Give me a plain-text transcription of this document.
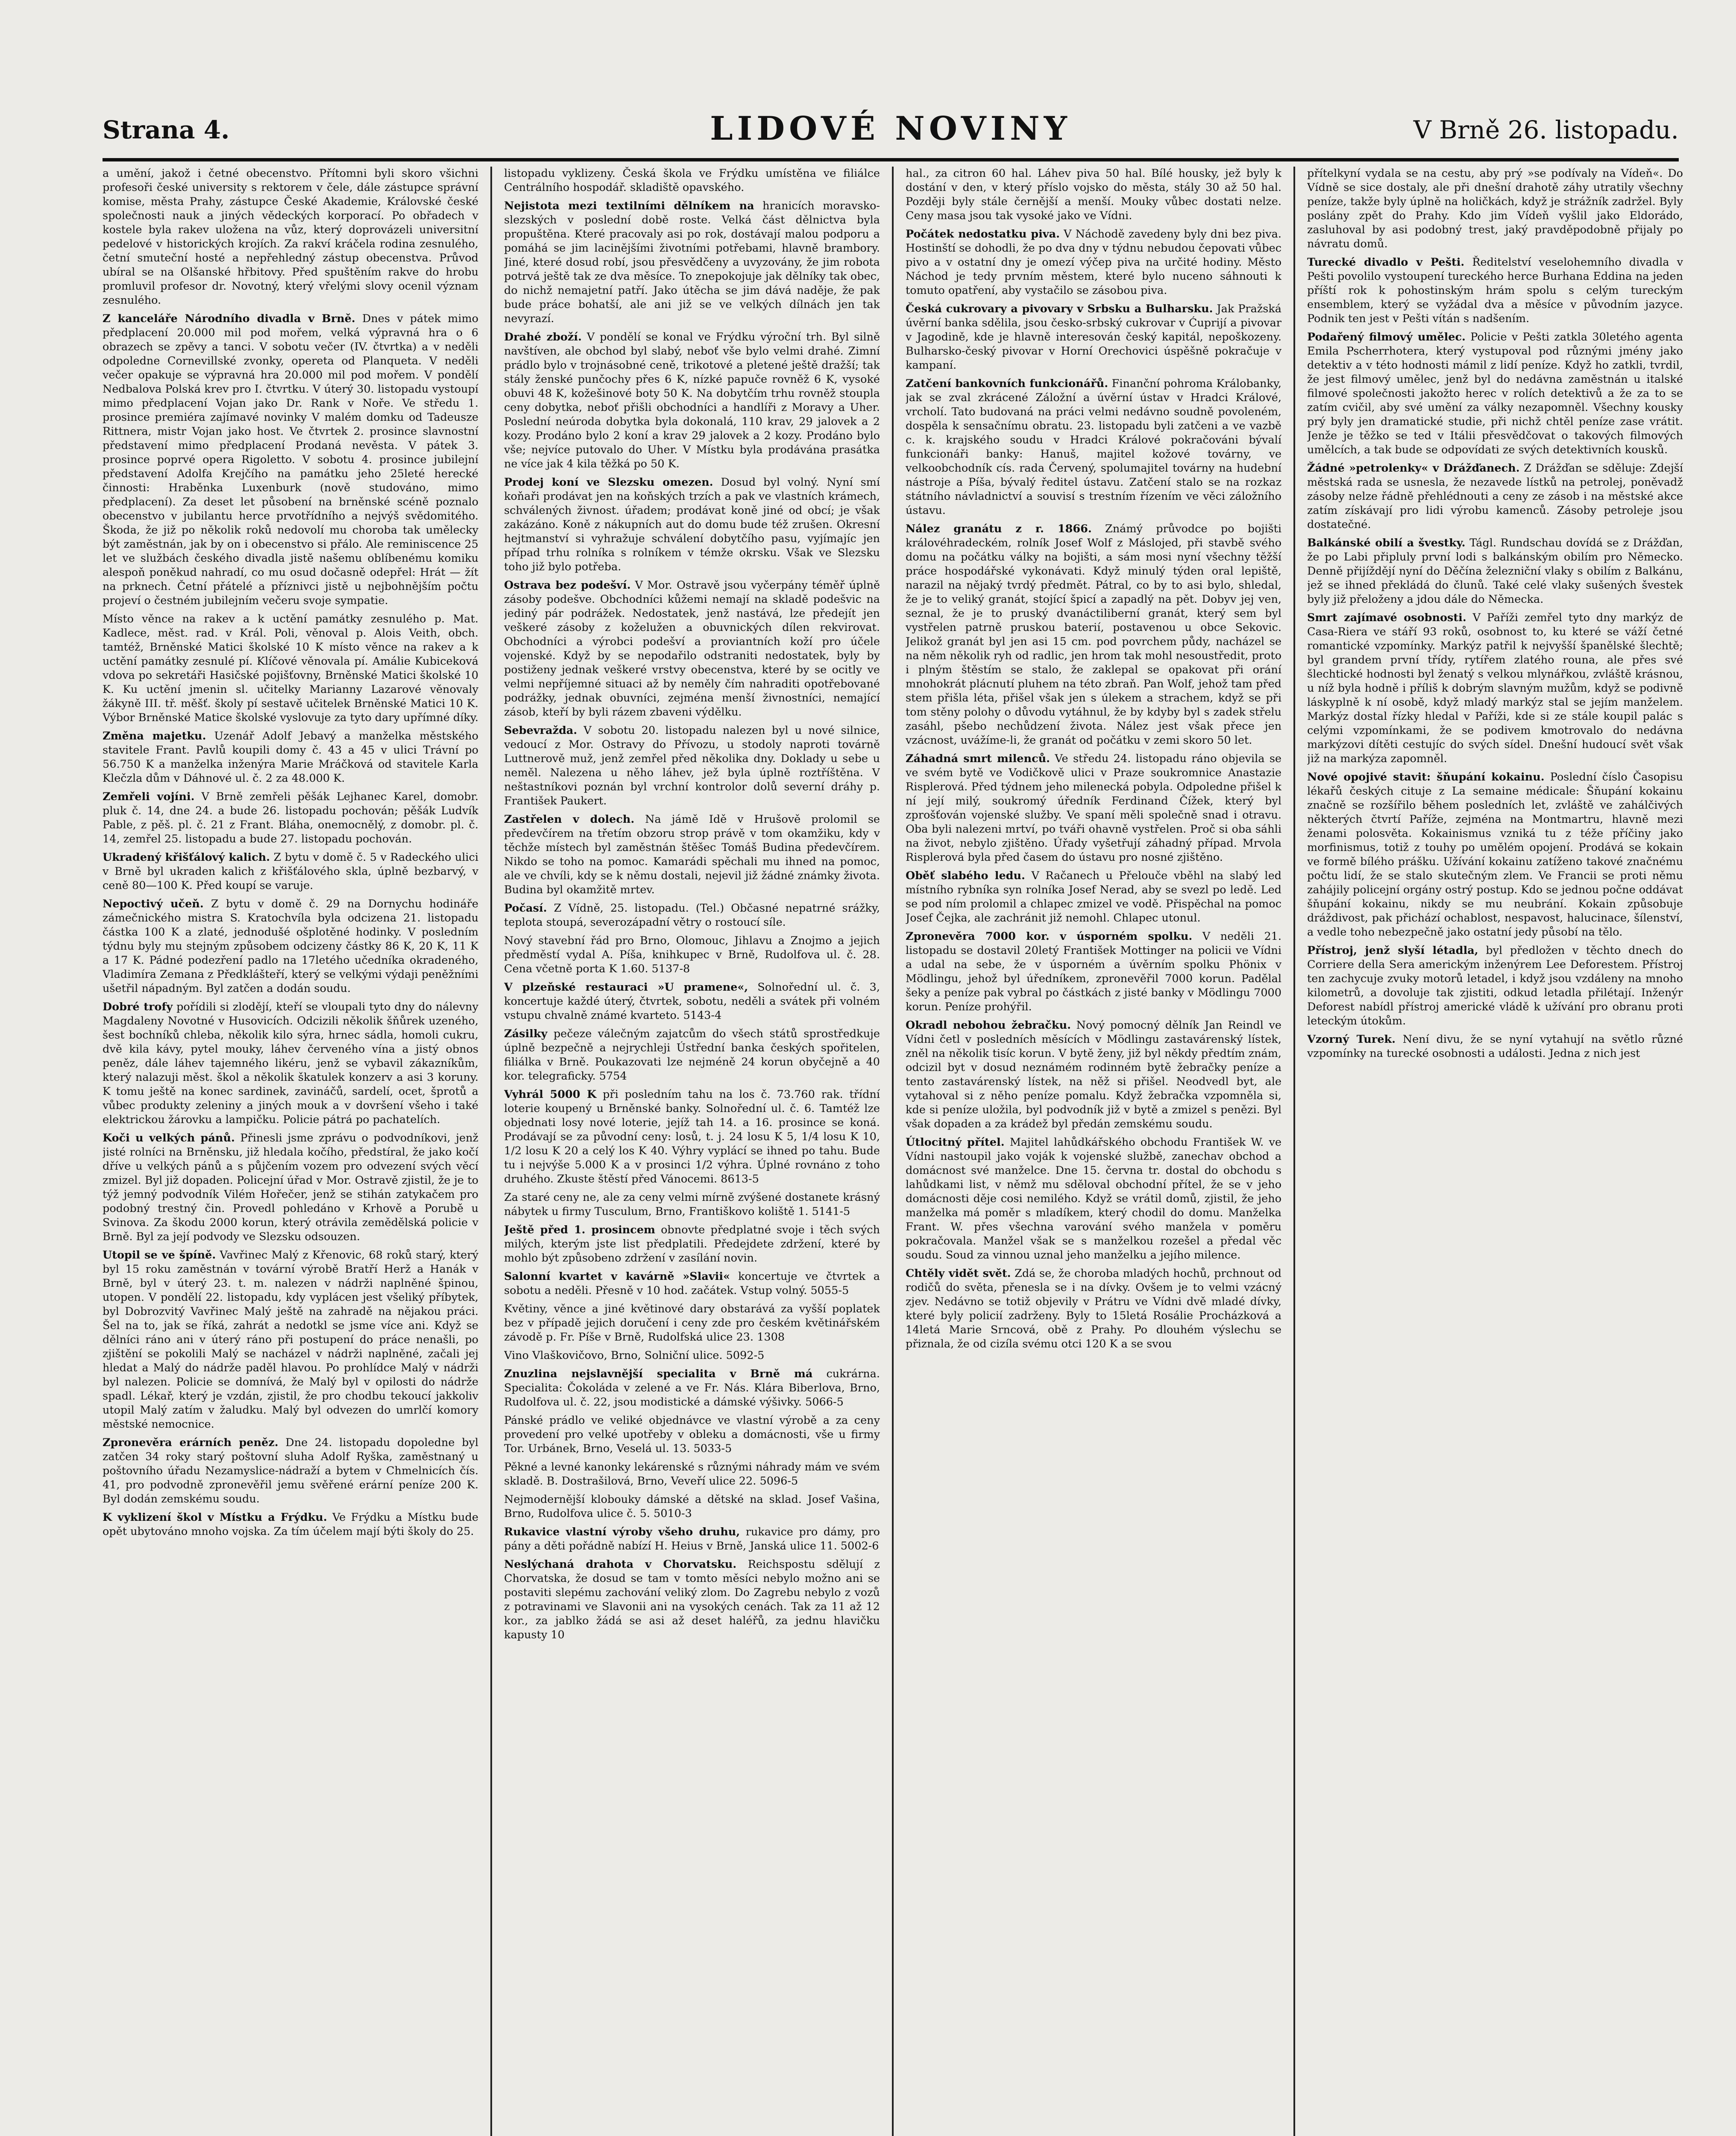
Strana 4.	LIDOVÉ NOVINY	V Brně 26. listopadu.

a umění, jakož i četné obecenstvo. Přítomni byli skoro všichni profesoři české university s rektorem v čele, dále zástupce správní komise, města Prahy, zástupce České Akademie, Královské české společnosti nauk a jiných vědeckých korporací. Po obřadech v kostele byla rakev uložena na vůz, který doprovázeli universitní pedelové v historických krojích. Za rakví kráčela rodina zesnulého, četní smuteční hosté a nepřehledný zástup obecenstva. Průvod ubíral se na Olšanské hřbitovy. Před spuštěním rakve do hrobu promluvil profesor dr. Novotný, který vřelými slovy ocenil význam zesnulého.

Z kanceláře Národního divadla v Brně. Dnes v pátek mimo předplacení 20.000 mil pod mořem, velká výpravná hra o 6 obrazech se zpěvy a tanci. V sobotu večer (IV. čtvrtka) a v neděli odpoledne Cornevillské zvonky, opereta od Planqueta. V neděli večer opakuje se výpravná hra 20.000 mil pod mořem. V pondělí Nedbalova Polská krev pro I. čtvrtku. V úterý 30. listopadu vystoupí mimo předplacení Vojan jako Dr. Rank v Noře. Ve středu 1. prosince premiéra zajímavé novinky V malém domku od Tadeusze Rittnera, mistr Vojan jako host. Ve čtvrtek 2. prosince slavnostní představení mimo předplacení Prodaná nevěsta. V pátek 3. prosince poprvé opera Rigoletto. V sobotu 4. prosince jubilejní představení Adolfa Krejčího na památku jeho 25leté herecké činnosti: Hraběnka Luxenburk (nově studováno, mimo předplacení). Za deset let působení na brněnské scéně poznalo obecenstvo v jubilantu herce prvotřídního a nejvýš svědomitého. Škoda, že již po několik roků nedovolí mu choroba tak umělecky být zaměstnán, jak by on i obecenstvo si přálo. Ale reminiscence 25 let ve službách českého divadla jistě našemu oblíbenému komiku alespoň poněkud nahradí, co mu osud dočasně odepřel: Hrát — žít na prknech. Četní přátelé a příznivci jistě u nejbohnějším počtu projeví o čestném jubilejním večeru svoje sympatie.

Místo věnce na rakev a k uctění památky zesnulého p. Mat. Kadlece, měst. rad. v Král. Poli, věnoval p. Alois Veith, obch. tamtéž, Brněnské Matici školské 10 K místo věnce na rakev a k uctění památky zesnulé pí. Klíčové věnovala pí. Amálie Kubiceková vdova po sekretáři Hasičské pojišťovny, Brněnské Matici školské 10 K. Ku uctění jmenin sl. učitelky Marianny Lazarové věnovaly žákyně III. tř. měšť. školy pí sestavě učitelek Brněnské Matici 10 K. Výbor Brněnské Matice školské vyslovuje za tyto dary upřímné díky.

Změna majetku. Uzenář Adolf Jebavý a manželka městského stavitele Frant. Pavlů koupili domy č. 43 a 45 v ulici Trávní po 56.750 K a manželka inženýra Marie Mráčková od stavitele Karla Klečzla dům v Dáhnové ul. č. 2 za 48.000 K.

Zemřeli vojíni. V Brně zemřeli pěšák Lejhanec Karel, domobr. pluk č. 14, dne 24. a bude 26. listopadu pochován; pěšák Ludvík Pable, z pěš. pl. č. 21 z Frant. Bláha, onemocnělý, z domobr. pl. č. 14, zemřel 25. listopadu a bude 27. listopadu pochován.

Ukradený křišťálový kalich. Z bytu v domě č. 5 v Radeckého ulici v Brně byl ukraden kalich z křišťálového skla, úplně bezbarvý, v ceně 80—100 K. Před koupí se varuje.

Nepoctivý učeň. Z bytu v domě č. 29 na Dornychu hodináře zámečnického mistra S. Kratochvíla byla odcizena 21. listopadu částka 100 K a zlaté, jednodušé ošplotěné hodinky. V posledním týdnu byly mu stejným způsobem odcizeny částky 86 K, 20 K, 11 K a 17 K. Pádné podezření padlo na 17letého učedníka okradeného, Vladimíra Zemana z Předklášteří, který se velkými výdaji peněžními ušetřil nápadným. Byl zatčen a dodán soudu.

Dobré trofy pořídili si zlodějí, kteří se vloupali tyto dny do nálevny Magdaleny Novotné v Husovicích. Odcizili několik šňůrek uzeného, šest bochníků chleba, několik kilo sýra, hrnec sádla, homoli cukru, dvě kila kávy, pytel mouky, láhev červeného vína a jistý obnos peněz, dále láhev tajemného likéru, jenž se vybavil zákazníkům, který nalazuji měst. škol a několik škatulek konzerv a asi 3 koruny. K tomu ještě na konec sardinek, zavináčů, sardelí, ocet, šprotů a vůbec produkty zeleniny a jiných mouk a v dovršení všeho i také elektrickou žárovku a lampičku. Policie pátrá po pachatelích.

Koči u velkých pánů. Přinesli jsme zprávu o podvodníkovi, jenž jisté rolníci na Brněnsku, již hledala kočího, předstíral, že jako kočí dříve u velkých pánů a s půjčením vozem pro odvezení svých věcí zmizel. Byl již dopaden. Policejní úřad v Mor. Ostravě zjistil, že je to týž jemný podvodník Vilém Hořečer, jenž se stihán zatykačem pro podobný trestný čin. Provedl pohledáno v Krhově a Porubě u Svinova. Za škodu 2000 korun, který otrávila zemědělská policie v Brně. Byl za její podvody ve Slezsku odsouzen.

Utopil se ve špíně. Vavřinec Malý z Křenovic, 68 roků starý, který byl 15 roku zaměstnán v tovární výrobě Bratří Herž a Hanák v Brně, byl v úterý 23. t. m. nalezen v nádrži naplněné špinou, utopen. V pondělí 22. listopadu, kdy vyplácen jest všeliký příbytek, byl Dobrozvitý Vavřinec Malý ještě na zahradě na nějakou práci. Šel na to, jak se říká, zahrát a nedotkl se jsme více ani. Když se dělníci ráno ani v úterý ráno při postupení do práce nenašli, po zjištění se pokolili Malý se nacházel v nádrži naplněné, začali jej hledat a Malý do nádrže paděl hlavou. Po prohlídce Malý v nádrži byl nalezen. Policie se domnívá, že Malý byl v opilosti do nádrže spadl. Lékař, který je vzdán, zjistil, že pro chodbu tekoucí jakkoliv utopil Malý zatím v žaludku. Malý byl odvezen do umrlčí komory městské nemocnice.

Zpronevěra erárních peněz. Dne 24. listopadu dopoledne byl zatčen 34 roky starý poštovní sluha Adolf Ryška, zaměstnaný u poštovního úřadu Nezamyslice-nádraží a bytem v Chmelnicích čís. 41, pro podvodně zpronevěřil jemu svěřené erární peníze 200 K. Byl dodán zemskému soudu.

K vyklizení škol v Místku a Frýdku. Ve Frýdku a Místku bude opět ubytováno mnoho vojska. Za tím účelem mají býti školy do 25.

listopadu vyklizeny. Česká škola ve Frýdku umístěna ve filiálce Centrálního hospodář. skladiště opavského.

Nejistota mezi textilními dělníkem na hranicích moravsko-slezských v poslední době roste. Velká část dělnictva byla propuštěna. Které pracovaly asi po rok, dostávají malou podporu a pomáhá se jim lacinějšími životními potřebami, hlavně brambory. Jiné, které dosud robí, jsou přesvědčeny a uvyzovány, že jim robota potrvá ještě tak ze dva měsíce. To znepokojuje jak dělníky tak obec, do nichž nemajetní patří. Jako útěcha se jim dává naděje, že pak bude práce bohatší, ale ani již se ve velkých dílnách jen tak nevyrazí.

Drahé zboží. V pondělí se konal ve Frýdku výroční trh. Byl silně navštíven, ale obchod byl slabý, neboť vše bylo velmi drahé. Zimní prádlo bylo v trojnásobné ceně, trikotové a pletené ještě dražší; tak stály ženské punčochy přes 6 K, nízké papuče rovněž 6 K, vysoké obuvi 48 K, kožešinové boty 50 K. Na dobytčím trhu rovněž stoupla ceny dobytka, neboť přišli obchodníci a handlíři z Moravy a Uher. Poslední neúroda dobytka byla dokonalá, 110 krav, 29 jalovek a 2 kozy. Prodáno bylo 2 koní a krav 29 jalovek a 2 kozy. Prodáno bylo vše; nejvíce putovalo do Uher. V Místku byla prodávána prasátka ne více jak 4 kila těžká po 50 K.

Prodej koní ve Slezsku omezen. Dosud byl volný. Nyní smí koňaři prodávat jen na koňských trzích a pak ve vlastních krámech, schválených živnost. úřadem; prodávat koně jiné od obcí; je však zakázáno. Koně z nákupních aut do domu bude též zrušen. Okresní hejtmanství si vyhražuje schválení dobytčího pasu, vyjímajíc jen případ trhu rolníka s rolníkem v témže okrsku. Však ve Slezsku toho již bylo potřeba.

Ostrava bez podešví. V Mor. Ostravě jsou vyčerpány téměř úplně zásoby podešve. Obchodníci kůžemi nemají na skladě podešvic na jediný pár podrážek. Nedostatek, jenž nastává, lze předejít jen veškeré zásoby z koželužen a obuvnických dílen rekvirovat. Obchodníci a výrobci podešví a proviantních koží pro účele vojenské. Když by se nepodařilo odstraniti nedostatek, byly by postiženy jednak veškeré vrstvy obecenstva, které by se ocitly ve velmi nepříjemné situaci až by neměly čím nahraditi opotřebované podrážky, jednak obuvníci, zejména menší živnostníci, nemající zásob, kteří by byli rázem zbaveni výdělku.

Sebevražda. V sobotu 20. listopadu nalezen byl u nové silnice, vedoucí z Mor. Ostravy do Přívozu, u stodoly naproti továrně Luttnerově muž, jenž zemřel před několika dny. Doklady u sebe u neměl. Nalezena u něho láhev, jež byla úplně roztříštěna. V neštastníkovi poznán byl vrchní kontrolor dolů severní dráhy p. František Paukert.

Zastřelen v dolech. Na jámě Idě v Hrušově prolomil se předevčírem na třetím obzoru strop právě v tom okamžiku, kdy v těchže místech byl zaměstnán štěšec Tomáš Budina předevčírem. Nikdo se toho na pomoc. Kamarádi spěchali mu ihned na pomoc, ale ve chvíli, kdy se k němu dostali, nejevil již žádné známky života. Budina byl okamžitě mrtev.

Počasí. Z Vídně, 25. listopadu. (Tel.) Občasné nepatrné srážky, teplota stoupá, severozápadní větry o rostoucí síle.

Nový stavební řád pro Brno, Olomouc, Jihlavu a Znojmo a jejich předměstí vydal A. Píša, knihkupec v Brně, Rudolfova ul. č. 28. Cena včetně porta K 1.60. 5137-8

V plzeňské restauraci »U pramene«, Solnořední ul. č. 3, koncertuje každé úterý, čtvrtek, sobotu, neděli a svátek při volném vstupu chvalně známé kvarteto. 5143-4

Zásilky pečeze válečným zajatcům do všech států sprostředkuje úplně bezpečně a nejrychleji Ústřední banka českých spořitelen, filiálka v Brně. Poukazovati lze nejméně 24 korun obyčejně a 40 kor. telegraficky. 5754

Vyhrál 5000 K při posledním tahu na los č. 73.760 rak. třídní loterie koupený u Brněnské banky. Solnořední ul. č. 6. Tamtéž lze objednati losy nové loterie, jejíž tah 14. a 16. prosince se koná. Prodávají se za původní ceny: losů, t. j. 24 losu K 5, 1/4 losu K 10, 1/2 losu K 20 a celý los K 40. Výhry vyplácí se ihned po tahu. Bude tu i nejvýše 5.000 K a v prosinci 1/2 výhra. Úplné rovnáno z toho druhého. Zkuste štěstí před Vánocemi. 8613-5

Za staré ceny ne, ale za ceny velmi mírně zvýšené dostanete krásný nábytek u firmy Tusculum, Brno, Františkovo koliště 1. 5141-5

Ještě před 1. prosincem obnovte předplatné svoje i těch svých milých, kterým jste list předplatili. Předejdete zdržení, které by mohlo být způsobeno zdržení v zasílání novin.

Salonní kvartet v kavárně »Slavii« koncertuje ve čtvrtek a sobotu a neděli. Přesně v 10 hod. začátek. Vstup volný. 5055-5

Květiny, věnce a jiné květinové dary obstarává za vyšší poplatek bez v případě jejich doručení i ceny zde pro českém květinářském závodě p. Fr. Píše v Brně, Rudolfská ulice 23. 1308

Vino Vlaškovičovo, Brno, Solniční ulice. 5092-5

Znuzlina nejslavnější specialita v Brně má cukrárna. Specialita: Čokoláda v zelené a ve Fr. Nás. Klára Biberlova, Brno, Rudolfova ul. č. 22, jsou modistické a dámské výšivky. 5066-5

Pánské prádlo ve veliké objednávce ve vlastní výrobě a za ceny provedení pro velké upotřeby v obleku a domácnosti, vše u firmy Tor. Urbánek, Brno, Veselá ul. 13. 5033-5

Pěkné a levné kanonky lekárenské s různými náhrady mám ve svém skladě. B. Dostrašilová, Brno, Veveří ulice 22. 5096-5

Nejmodernější klobouky dámské a dětské na sklad. Josef Vašina, Brno, Rudolfova ulice č. 5. 5010-3

Rukavice vlastní výroby všeho druhu, rukavice pro dámy, pro pány a děti pořádně nabízí H. Heius v Brně, Janská ulice 11. 5002-6

Neslýchaná drahota v Chorvatsku. Reichspostu sdělují z Chorvatska, že dosud se tam v tomto měsíci nebylo možno ani se postaviti slepému zachování veliký zlom. Do Zagrebu nebylo z vozů z potravinami ve Slavonii ani na vysokých cenách. Tak za 11 až 12 kor., za jablko žádá se asi až deset haléřů, za jednu hlavičku kapusty 10

hal., za citron 60 hal. Láhev piva 50 hal. Bílé housky, jež byly k dostání v den, v který příslo vojsko do města, stály 30 až 50 hal. Později byly stále černější a menší. Mouky vůbec dostati nelze. Ceny masa jsou tak vysoké jako ve Vídni.

Počátek nedostatku piva. V Náchodě zavedeny byly dni bez piva. Hostinští se dohodli, že po dva dny v týdnu nebudou čepovati vůbec pivo a v ostatní dny je omezí výčep piva na určité hodiny. Město Náchod je tedy prvním městem, které bylo nuceno sáhnouti k tomuto opatření, aby vystačilo se zásobou piva.

Česká cukrovary a pivovary v Srbsku a Bulharsku. Jak Pražská úvěrní banka sdělila, jsou česko-srbský cukrovar v Ćuprijí a pivovar v Jagodině, kde je hlavně interesován český kapitál, nepoškozeny. Bulharsko-český pivovar v Horní Orechovici úspěšně pokračuje v kampaní.

Zatčení bankovních funkcionářů. Finanční pohroma Králobanky, jak se zval zkrácené Záložní a úvěrní ústav v Hradci Králové, vrcholí. Tato budovaná na práci velmi nedávno soudně povoleném, dospěla k sensačnímu obratu. 23. listopadu byli zatčeni a ve vazbě c. k. krajského soudu v Hradci Králové pokračováni bývalí funkcionáři banky: Hanuš, majitel kožové továrny, ve velkoobchodník cís. rada Červený, spolumajitel továrny na hudební nástroje a Píša, bývalý ředitel ústavu. Zatčení stalo se na rozkaz státního návladnictví a souvisí s trestním řízením ve věci záložního ústavu.

Nález granátu z r. 1866. Známý průvodce po bojišti královéhradeckém, rolník Josef Wolf z Máslojed, při stavbě svého domu na počátku války na bojišti, a sám mosi nyní všechny těžší práce hospodářské vykonávati. Když minulý týden oral lepiště, narazil na nějaký tvrdý předmět. Pátral, co by to asi bylo, shledal, že je to veliký granát, stojící špicí a zapadlý na pět. Dobyv jej ven, seznal, že je to pruský dvanáctiliberní granát, který sem byl vystřelen patrně pruskou baterií, postavenou u obce Sekovic. Jelikož granát byl jen asi 15 cm. pod povrchem půdy, nacházel se na něm několik ryh od radlic, jen hrom tak mohl nesoustředit, proto i plným štěstím se stalo, že zaklepal se opakovat při orání mnohokrát plácnutí pluhem na této zbraň. Pan Wolf, jehož tam před stem přišla léta, přišel však jen s úlekem a strachem, když se při tom stěny polohy o důvodu vytáhnul, že by kdyby byl s zadek střelu zasáhl, pšebo nechůdzení života. Nález jest však přece jen vzácnost, uvážíme-li, že granát od počátku v zemi skoro 50 let.

Záhadná smrt milenců. Ve středu 24. listopadu ráno objevila se ve svém bytě ve Vodičkově ulici v Praze soukromnice Anastazie Risplerová. Před týdnem jeho milenecká pobyla. Odpoledne přišel k ní její milý, soukromý úředník Ferdinand Čížek, který byl zprošťován vojenské služby. Ve spaní měli společně snad i otravu. Oba byli nalezeni mrtví, po tváři ohavně vystřelen. Proč si oba sáhli na život, nebylo zjištěno. Úřady vyšetřují záhadný případ. Mrvola Risplerová byla před časem do ústavu pro nosné zjištěno.

Oběť slabého ledu. V Račanech u Přelouče vběhl na slabý led místního rybníka syn rolníka Josef Nerad, aby se svezl po ledě. Led se pod ním prolomil a chlapec zmizel ve vodě. Přispěchal na pomoc Josef Čejka, ale zachránit již nemohl. Chlapec utonul.

Zpronevěra 7000 kor. v úsporném spolku. V neděli 21. listopadu se dostavil 20letý František Mottinger na policii ve Vídni a udal na sebe, že v úsporném a úvěrním spolku Phönix v Mödlingu, jehož byl úředníkem, zpronevěřil 7000 korun. Padělal šeky a peníze pak vybral po částkách z jisté banky v Mödlingu 7000 korun. Peníze prohýřil.

Okradl nebohou žebračku. Nový pomocný dělník Jan Reindl ve Vídni četl v posledních měsících v Mödlingu zastavárenský lístek, zněl na několik tisíc korun. V bytě ženy, již byl někdy předtím znám, odcizil byt v dosud neznámém rodinném bytě žebračky peníze a tento zastavárenský lístek, na něž si přišel. Neodvedl byt, ale vytahoval si z něho peníze pomalu. Když žebračka vzpomněla si, kde si peníze uložila, byl podvodník již v bytě a zmizel s penězi. Byl však dopaden a za krádež byl předán zemskému soudu.

Útlocitný přítel. Majitel lahůdkářského obchodu František W. ve Vídni nastoupil jako voják k vojenské službě, zanechav obchod a domácnost své manželce. Dne 15. června tr. dostal do obchodu s lahůdkami list, v němž mu sděloval obchodní přítel, že se v jeho domácnosti děje cosi nemilého. Když se vrátil domů, zjistil, že jeho manželka má poměr s mladíkem, který chodil do domu. Manželka Frant. W. přes všechna varování svého manžela v poměru pokračovala. Manžel však se s manželkou rozešel a předal věc soudu. Soud za vinnou uznal jeho manželku a jejího milence.

Chtěly vidět svět. Zdá se, že choroba mladých hochů, prchnout od rodičů do světa, přenesla se i na dívky. Ovšem je to velmi vzácný zjev. Nedávno se totiž objevily v Prátru ve Vídni dvě mladé dívky, které byly policií zadrženy. Byly to 15letá Rosálie Procházková a 14letá Marie Srncová, obě z Prahy. Po dlouhém výslechu se přiznala, že od cizíla svému otci 120 K a se svou

přítelkyní vydala se na cestu, aby prý »se podívaly na Vídeň«. Do Vídně se sice dostaly, ale při dnešní drahotě záhy utratily všechny peníze, takže byly úplně na holičkách, když je strážník zadržel. Byly poslány zpět do Prahy. Kdo jim Vídeň vyšlil jako Eldorádo, zasluhoval by asi podobný trest, jaký pravděpodobně přijaly po návratu domů.

Turecké divadlo v Pešti. Ředitelství veselohemního divadla v Pešti povolilo vystoupení tureckého herce Burhana Eddina na jeden příští rok k pohostinským hrám spolu s celým tureckým ensemblem, který se vyžádal dva a měsíce v původním jazyce. Podnik ten jest v Pešti vítán s nadšením.

Podařený filmový umělec. Policie v Pešti zatkla 30letého agenta Emila Pscherrhotera, který vystupoval pod různými jmény jako detektiv a v této hodnosti mámil z lidí peníze. Když ho zatkli, tvrdil, že jest filmový umělec, jenž byl do nedávna zaměstnán u italské filmové společnosti jakožto herec v rolích detektivů a že za to se zatím cvičil, aby své umění za války nezapomněl. Všechny kousky prý byly jen dramatické studie, při nichž chtěl peníze zase vrátit. Jenže je těžko se ted v Itálii přesvědčovat o takových filmových umělcích, a tak bude se odpovídati ze svých detektivních kousků.

Žádné »petrolenky« v Drážďanech. Z Drážďan se sděluje: Zdejší městská rada se usnesla, že nezavede lístků na petrolej, poněvadž zásoby nelze řádně přehlédnouti a ceny ze zásob i na městské akce zatím získávají pro lidi výrobu kamenců. Zásoby petroleje jsou dostatečné.

Balkánské obilí a švestky. Tágl. Rundschau dovídá se z Drážďan, že po Labi připluly první lodi s balkánským obilím pro Německo. Denně přijíždějí nyní do Děčína železniční vlaky s obilím z Balkánu, jež se ihned překládá do člunů. Také celé vlaky sušených švestek byly již přeloženy a jdou dále do Německa.

Smrt zajímavé osobnosti. V Paříži zemřel tyto dny markýz de Casa-Riera ve stáří 93 roků, osobnost to, ku které se váží četné romantické vzpomínky. Markýz patřil k nejvyšší španělské šlechtě; byl grandem první třídy, rytířem zlatého rouna, ale přes své šlechtické hodnosti byl ženatý s velkou mlynářkou, zvláště krásnou, u níž byla hodně i příliš k dobrým slavným mužům, když se podivně láskyplně k ní osobě, když mladý markýz stal se jejím manželem. Markýz dostal řízky hledal v Paříži, kde si ze stále koupil palác s celými vzpomínkami, že se podivem kmotrovalo do nedávna markýzovi dítěti cestujíc do svých sídel. Dnešní hudoucí svět však již na markýza zapomněl.

Nové opojivé stavit: šňupání kokainu. Poslední číslo Časopisu lékařů českých cituje z La semaine médicale: Šňupání kokainu značně se rozšířilo během posledních let, zvláště ve zahálčivých některých čtvrtí Paříže, zejména na Montmartru, hlavně mezi ženami polosvěta. Kokainismus vzniká tu z téže příčiny jako morfinismus, totiž z touhy po umělém opojení. Prodává se kokain ve formě bílého prášku. Užívání kokainu zatíženo takové značnému počtu lidí, že se stalo skutečným zlem. Ve Francii se proti němu zahájily policejní orgány ostrý postup. Kdo se jednou počne oddávat šňupání kokainu, nikdy se mu neubrání. Kokain způsobuje dráždivost, pak přichází ochablost, nespavost, halucinace, šílenství, a vedle toho nebezpečně jako ostatní jedy působí na tělo.

Přístroj, jenž slyší létadla, byl předložen v těchto dnech do Corriere della Sera americkým inženýrem Lee Deforestem. Přístroj ten zachycuje zvuky motorů letadel, i když jsou vzdáleny na mnoho kilometrů, a dovoluje tak zjistiti, odkud letadla přilétají. Inženýr Deforest nabídl přístroj americké vládě k užívání pro obranu proti leteckým útokům.

Vzorný Turek. Není divu, že se nyní vytahují na světlo různé vzpomínky na turecké osobnosti a události. Jedna z nich jest
